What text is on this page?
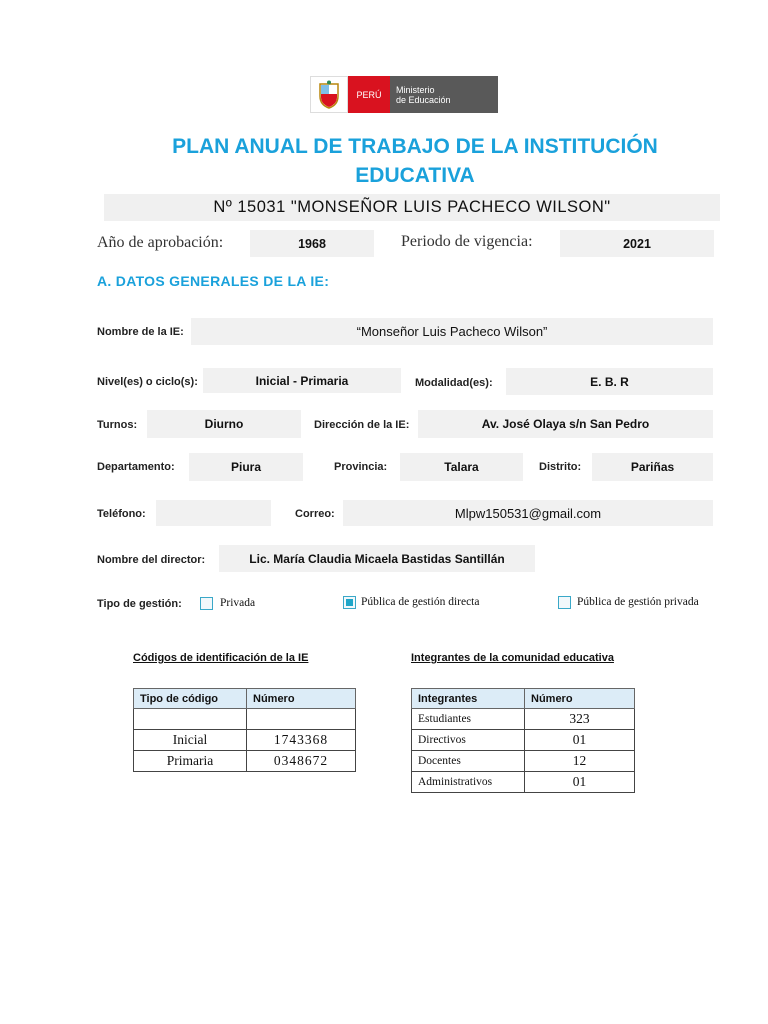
PERÚ	Ministerio
de Educación
PLAN ANUAL DE TRABAJO DE LA INSTITUCIÓN
EDUCATIVA
Nº 15031 "MONSEÑOR LUIS PACHECO WILSON"
Año de aprobación:	1968	Periodo de vigencia:	2021
A. DATOS GENERALES DE LA IE:
Nombre de la IE:	“Monseñor Luis Pacheco Wilson”
Nivel(es) o ciclo(s):	Inicial - Primaria	Modalidad(es):	E. B. R
Turnos:	Diurno	Dirección de la IE:	Av. José Olaya s/n San Pedro
Departamento:	Piura	Provincia:	Talara	Distrito:	Pariñas
Teléfono:	Correo:	Mlpw150531@gmail.com
Nombre del director:	Lic. María Claudia Micaela Bastidas Santillán
Tipo de gestión:	Privada	Pública de gestión directa	Pública de gestión privada
Códigos de identificación de la IE	Integrantes de la comunidad educativa
Tipo de código	Número

Inicial	1743368
Primaria	0348672
Integrantes	Número
Estudiantes	323
Directivos	01
Docentes	12
Administrativos	01
